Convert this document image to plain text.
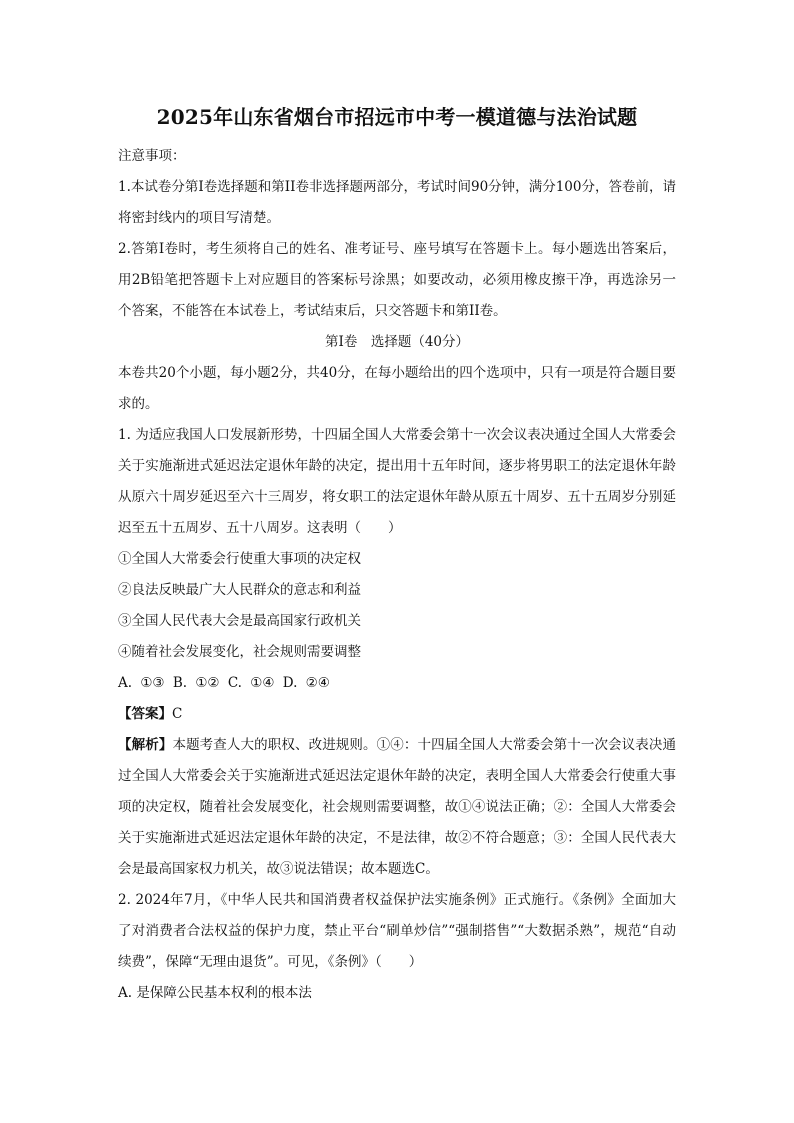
2025年山东省烟台市招远市中考一模道德与法治试题

注意事项：

1.本试卷分第I卷选择题和第II卷非选择题两部分，考试时间90分钟，满分100分，答卷前，请将密封线内的项目写清楚。

2.答第I卷时，考生须将自己的姓名、准考证号、座号填写在答题卡上。每小题选出答案后，用2B铅笔把答题卡上对应题目的答案标号涂黑；如要改动，必须用橡皮擦干净，再选涂另一个答案，不能答在本试卷上，考试结束后，只交答题卡和第II卷。

第I卷　选择题（40分）

本卷共20个小题，每小题2分，共40分，在每小题给出的四个选项中，只有一项是符合题目要求的。

1. 为适应我国人口发展新形势，十四届全国人大常委会第十一次会议表决通过全国人大常委会关于实施渐进式延迟法定退休年龄的决定，提出用十五年时间，逐步将男职工的法定退休年龄从原六十周岁延迟至六十三周岁，将女职工的法定退休年龄从原五十周岁、五十五周岁分别延迟至五十五周岁、五十八周岁。这表明（　　）

①全国人大常委会行使重大事项的决定权

②良法反映最广大人民群众的意志和利益

③全国人民代表大会是最高国家行政机关

④随着社会发展变化，社会规则需要调整

A. ①③ B. ①② C. ①④ D. ②④

【答案】C

【解析】本题考查人大的职权、改进规则。①④：十四届全国人大常委会第十一次会议表决通过全国人大常委会关于实施渐进式延迟法定退休年龄的决定，表明全国人大常委会行使重大事项的决定权，随着社会发展变化，社会规则需要调整，故①④说法正确；②：全国人大常委会关于实施渐进式延迟法定退休年龄的决定，不是法律，故②不符合题意；③：全国人民代表大会是最高国家权力机关，故③说法错误；故本题选C。

2. 2024年7月，《中华人民共和国消费者权益保护法实施条例》正式施行。《条例》全面加大了对消费者合法权益的保护力度，禁止平台“刷单炒信”“强制搭售”“大数据杀熟”，规范“自动续费”，保障“无理由退货”。可见，《条例》（　　）

A. 是保障公民基本权利的根本法
